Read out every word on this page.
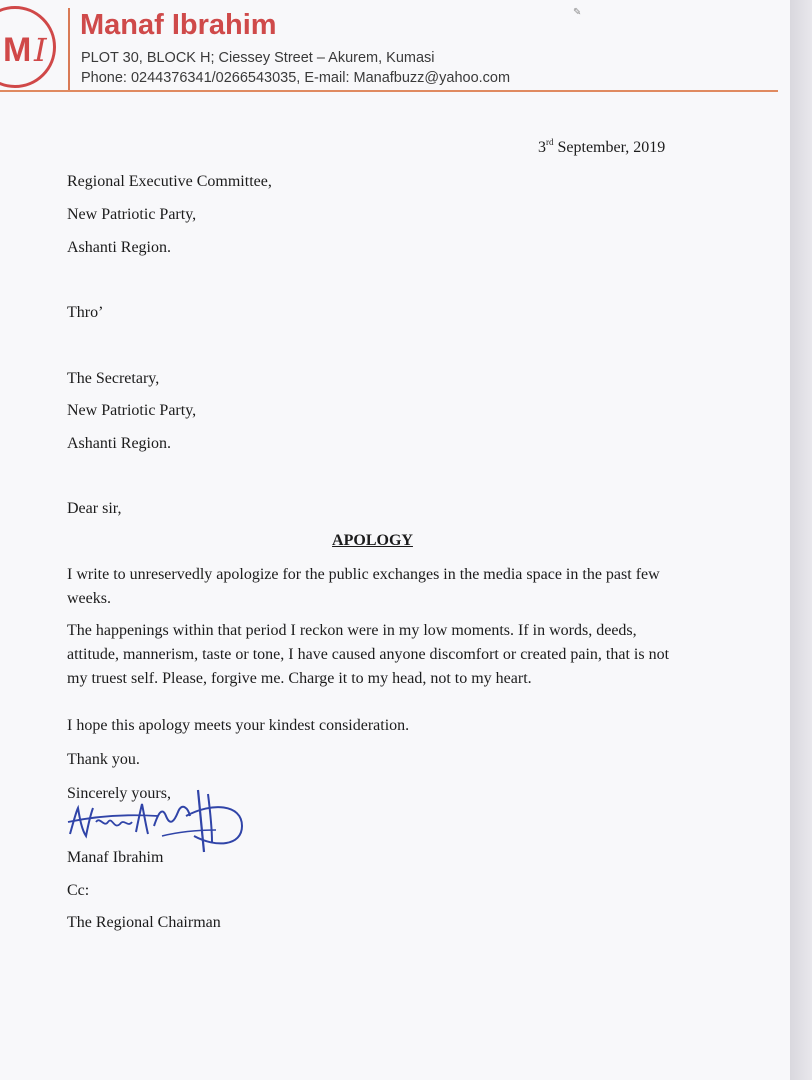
M I
Manaf Ibrahim
PLOT 30, BLOCK H; Ciessey Street – Akurem, Kumasi
Phone: 0244376341/0266543035, E-mail: Manafbuzz@yahoo.com
✎
3rd September, 2019
Regional Executive Committee,
New Patriotic Party,
Ashanti Region.
Thro’
The Secretary,
New Patriotic Party,
Ashanti Region.
Dear sir,
APOLOGY
I write to unreservedly apologize for the public exchanges in the media space in the past few weeks.
The happenings within that period I reckon were in my low moments. If in words, deeds, attitude, mannerism, taste or tone, I have caused anyone discomfort or created pain, that is not my truest self. Please, forgive me. Charge it to my head, not to my heart.
I hope this apology meets your kindest consideration.
Thank you.
Sincerely yours,
Manaf Ibrahim
Cc:
The Regional Chairman
